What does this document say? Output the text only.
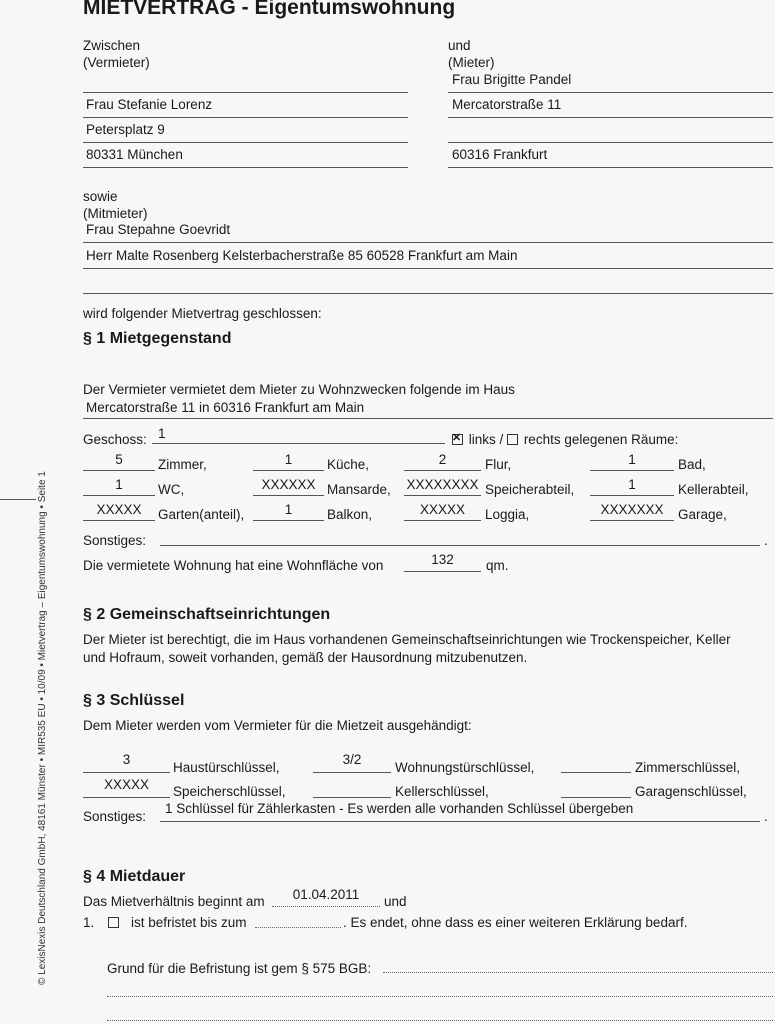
MIETVERTRAG - Eigentumswohnung
Zwischen
(Vermieter)
und
(Mieter)
Frau Brigitte Pandel
Frau Stefanie Lorenz	Mercatorstraße 11
Petersplatz 9
80331 München	60316 Frankfurt
sowie
(Mitmieter)
Frau Stepahne Goevridt
Herr Malte Rosenberg Kelsterbacherstraße 85 60528 Frankfurt am Main
wird folgender Mietvertrag geschlossen:
§ 1 Mietgegenstand
Der Vermieter vermietet dem Mieter zu Wohnzwecken folgende im Haus
Mercatorstraße 11 in 60316 Frankfurt am Main
Geschoss: 1
✕	links / rechts gelegenen Räume:
5	Zimmer,	1	Küche,	2	Flur,	1	Bad,
1	WC,	XXXXXX Mansarde, XXXXXXXX Speicherabteil,	1	Kellerabteil,
XXXXX	Garten(anteil),	1	Balkon,	XXXXX	Loggia,	XXXXXXX	Garage,
Sonstiges:	.
Die vermietete Wohnung hat eine Wohnfläche von	132	qm.
§ 2 Gemeinschaftseinrichtungen
Der Mieter ist berechtigt, die im Haus vorhandenen Gemeinschaftseinrichtungen wie Trockenspeicher, Keller
und Hofraum, soweit vorhanden, gemäß der Hausordnung mitzubenutzen.
§ 3 Schlüssel
Dem Mieter werden vom Vermieter für die Mietzeit ausgehändigt:
3
Haustürschlüssel,
3/2
Wohnungstürschlüssel,	Zimmerschlüssel,
XXXXX	Speicherschlüssel,	Kellerschlüssel,	Garagenschlüssel,
Sonstiges:
1 Schlüssel für Zählerkasten - Es werden alle vorhanden Schlüssel übergeben
.
§ 4 Mietdauer
Das Mietverhältnis beginnt am	01.04.2011	und
1.	ist befristet bis zum	. Es endet, ohne dass es einer weiteren Erklärung bedarf.
Grund für die Befristung ist gem § 575 BGB:
© LexisNexis Deutschland GmbH, 48161 Münster • MIR535 EU • 10/09 • Mietvertrag – Eigentumswohnung • Seite 1
